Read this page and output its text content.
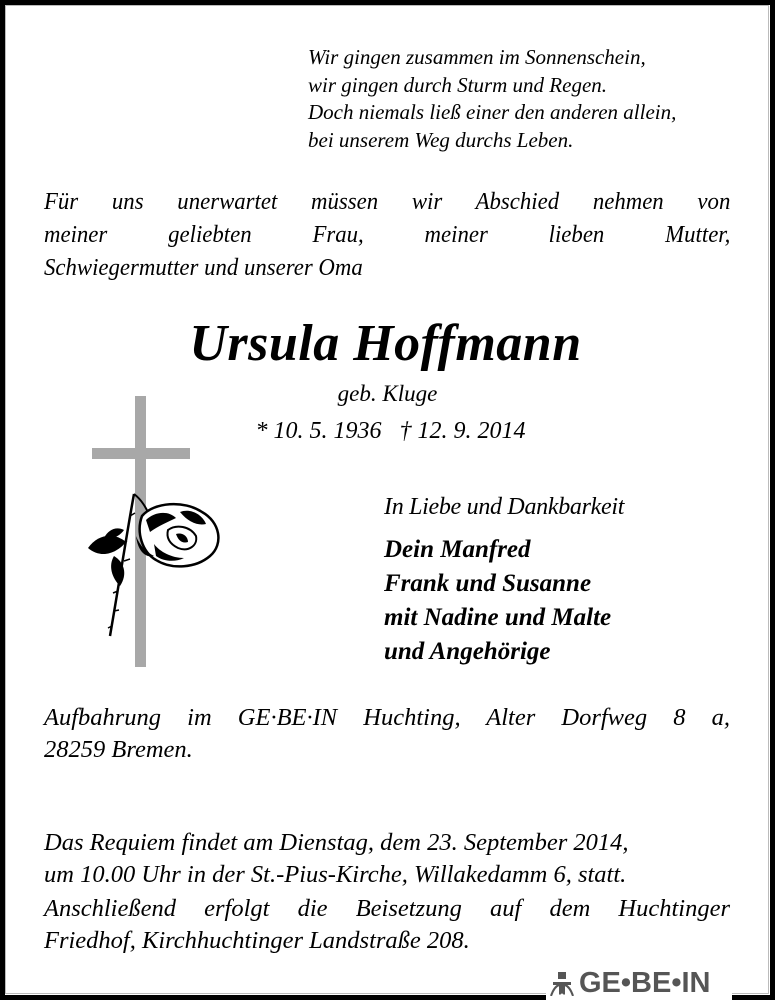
Wir gingen zusammen im Sonnenschein,
wir gingen durch Sturm und Regen.
Doch niemals ließ einer den anderen allein,
bei unserem Weg durchs Leben.
Für uns unerwartet müssen wir Abschied nehmen von
meiner geliebten Frau, meiner lieben Mutter,
Schwiegermutter und unserer Oma
Ursula Hoffmann
geb. Kluge
* 10. 5. 1936   † 12. 9. 2014
In Liebe und Dankbarkeit
Dein Manfred
Frank und Susanne
mit Nadine und Malte
und Angehörige
Aufbahrung im GE·BE·IN Huchting, Alter Dorfweg 8 a,
28259 Bremen.
Das Requiem findet am Dienstag, dem 23. September 2014,
um 10.00 Uhr in der St.-Pius-Kirche, Willakedamm 6, statt.
Anschließend erfolgt die Beisetzung auf dem Huchtinger
Friedhof, Kirchhuchtinger Landstraße 208.
GE•BE•IN
